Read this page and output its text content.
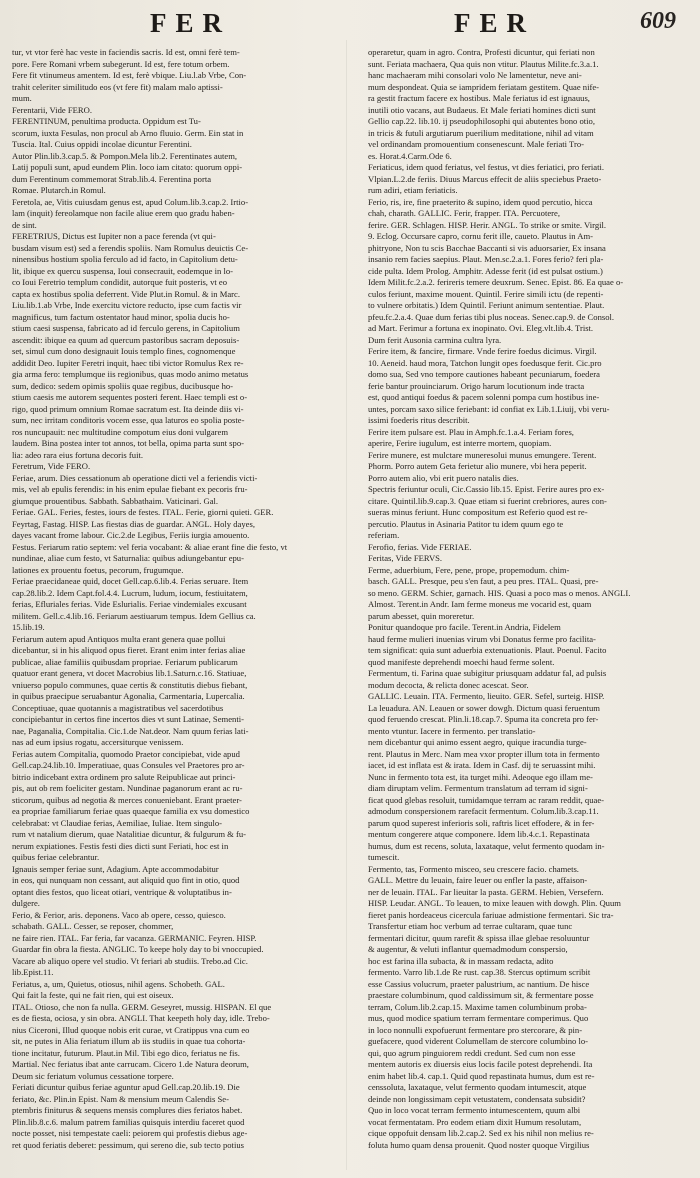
FER	FER	609
tur, vt vtor ferè hac veste in faciendis sacris. Id est, omni ferè tem-
pore. Fere Romani vrbem subegerunt. Id est, fere totum orbem.
Fere fit vtinumeus amentem. Id est, ferè vbique. Liu.l.ab Vrbe, Con-
trahit celeriter similitudo eos (vt fere fit) malam malo aptissi-
mum.
Ferentarii, Vide FERO.
FERENTINUM, penultima producta. Oppidum est Tu-
scorum, iuxta Fesulas, non procul ab Arno fluuio. Germ. Ein stat in
Tuscia. Ital. Cuius oppidi incolae dicuntur Ferentini.
Autor Plin.lib.3.cap.5. & Pompon.Mela lib.2. Ferentinates autem,
Latij populi sunt, apud eundem Plin. loco iam citato: quorum oppi-
dum Ferentinum commemorat Strab.lib.4. Ferentina porta
Romae. Plutarch.in Romul.
Feretola, ae, Vitis cuiusdam genus est, apud Colum.lib.3.cap.2. Irtio-
lam (inquit) fereolamque non facile aliue erem quo gradu haben-
de sint.
FERETRIUS, Dictus est Iupiter non a pace ferenda (vt qui-
busdam visum est) sed a ferendis spoliis. Nam Romulus deuictis Ce-
ninensibus hostium spolia ferculo ad id facto, in Capitolium detu-
lit, ibique ex quercu suspensa, Ioui consecrauit, eodemque in lo-
co Ioui Feretrio templum condidit, autorque fuit posteris, vt eo
capta ex hostibus spolia deferrent. Vide Plut.in Romul. & in Marc.
Liu.lib.1.ab Vrbe, Inde exercitu victore reducto, ipse cum factis vir
magnificus, tum factum ostentator haud minor, spolia ducis ho-
stium caesi suspensa, fabricato ad id ferculo gerens, in Capitolium
ascendit: ibique ea quum ad quercum pastoribus sacram deposuis-
set, simul cum dono designauit Iouis templo fines, cognomenque
addidit Deo. Iupiter Feretri inquit, haec tibi victor Romulus Rex re-
gia arma fero: templumque iis regionibus, quas modo animo metatus
sum, dedico: sedem opimis spoliis quae regibus, ducibusque ho-
stium caesis me autorem sequentes posteri ferent. Haec templi est o-
rigo, quod primum omnium Romae sacratum est. Ita deinde diis vi-
sum, nec irritam conditoris vocem esse, qua laturos eo spolia poste-
ros nuncupauit: nec multitudine compotum eius doni vulgarem
laudem. Bina postea inter tot annos, tot bella, opima parta sunt spo-
lia: adeo rara eius fortuna decoris fuit.
Feretrum, Vide FERO.
Feriae, arum. Dies cessationum ab operatione dicti vel a feriendis victi-
mis, vel ab epulis ferendis: in his enim epulae fiebant ex pecoris fru-
giumque prouentibus. Sabbath. Sabbathaim. Vaticinari. Gal.
Feriae. GAL. Feries, festes, iours de festes. ITAL. Ferie, giorni quieti. GER.
Feyrtag, Fastag. HISP. Las fiestas dias de guardar. ANGL. Holy dayes,
dayes vacant frome labour. Cic.2.de Legibus, Feriis iurgia amouento.
Festus. Feriarum ratio septem: vel feria vocabant: & aliae erant fine die festo, vt
nundinae, aliae cum festo, vt Saturnalia: quibus adiungebantur epu-
lationes ex prouentu foetus, pecorum, frugumque.
Feriae praecidaneae quid, docet Gell.cap.6.lib.4. Ferias seruare. Item
cap.28.lib.2. Idem Capt.fol.4.4. Lucrum, ludum, iocum, festiuitatem,
ferias, Efluriales ferias. Vide Eslurialis. Feriae vindemiales excusant
militem. Gell.c.4.lib.16. Feriarum aestiuarum tempus. Idem Gellius ca.
15.lib.19.
Feriarum autem apud Antiquos multa erant genera quae pollui
dicebantur, si in his aliquod opus fieret. Erant enim inter ferias aliae
publicae, aliae familiis quibusdam propriae. Feriarum publicarum
quatuor erant genera, vt docet Macrobius lib.1.Saturn.c.16. Statiuae,
vniuerso populo communes, quae certis & constitutis diebus fiebant,
in quibus praecipue seruabantur Agonalia, Carmentaria, Lupercalia.
Conceptiuae, quae quotannis a magistratibus vel sacerdotibus
concipiebantur in certos fine incertos dies vt sunt Latinae, Sementi-
nae, Paganalia, Compitalia. Cic.1.de Nat.deor. Nam quum ferias lati-
nas ad eum ipsius rogatu, accersiturque venissem.
Ferias autem Compitalia, quomodo Praetor concipiebat, vide apud
Gell.cap.24.lib.10. Imperatiuae, quas Consules vel Praetores pro ar-
bitrio indicebant extra ordinem pro salute Reipublicae aut princi-
pis, aut ob rem foeliciter gestam. Nundinae paganorum erant ac ru-
sticorum, quibus ad negotia & merces conueniebant. Erant praeter-
ea propriae familiarum feriae quas quaeque familia ex vsu domestico
celebrabat: vt Claudiae ferias, Aemiliae, Iuliae. Item singulo-
rum vt natalium dierum, quae Natalitiae dicuntur, & fulgurum & fu-
nerum expiationes. Festis festi dies dicti sunt Feriati, hoc est in
quibus feriae celebrantur.
Ignauis semper feriae sunt, Adagium. Apte accommodabitur
in eos, qui nunquam non cessant, aut aliquid quo fint in otio, quod
optant dies festos, quo liceat otiari, ventrique & voluptatibus in-
dulgere.
Ferio, & Ferior, aris. deponens. Vaco ab opere, cesso, quiesco.
schabath. GALL. Cesser, se reposer, chommer,
ne faire rien. ITAL. Far feria, far vacanza. GERMANIC. Feyren. HISP.
Guardar fin obra la fiesta. ANGLIC. To keepe holy day to bi vnoccupied.
Vacare ab aliquo opere vel studio. Vt feriari ab studiis. Trebo.ad Cic.
lib.Epist.11.
Feriatus, a, um, Quietus, otiosus, nihil agens. Schobeth. GAL.
Qui fait la feste, qui ne fait rien, qui est oiseux.
ITAL. Otioso, che non fa nulla. GERM. Geseyret, mussig. HISPAN. El que
es de fiesta, ociosa, y sin obra. ANGLI. That keepeth holy day, idle. Trebo-
nius Ciceroni, Illud quoque nobis erit curae, vt Cratippus vna cum eo
sit, ne putes in Alia feriatum illum ab iis studiis in quae tua cohorta-
tione incitatur, futurum. Plaut.in Mil. Tibi ego dico, feriatus ne fis.
Martial. Nec feriatus ibat ante carrucam. Cicero 1.de Natura deorum,
Deum sic feriatum volumus cessatione torpere.
Feriati dicuntur quibus feriae aguntur apud Gell.cap.20.lib.19. Die
feriato, &c. Plin.in Epist. Nam & mensium meum Calendis Se-
ptembris finiturus & sequens mensis complures dies feriatos habet.
Plin.lib.8.c.6. malum patrem familias quisquis interdiu faceret quod
nocte posset, nisi tempestate caeli: peiorem qui profestis diebus age-
ret quod feriatis deberet: pessimum, qui sereno die, sub tecto potius
operaretur, quam in agro. Contra, Profesti dicuntur, qui feriati non
sunt. Feriata machaera, Qua quis non vtitur. Plautus Milite.fc.3.a.1.
hanc machaeram mihi consolari volo Ne lamentetur, neve ani-
mum despondeat. Quia se iampridem feriatam gestitem. Quae nife-
ra gestit fractum facere ex hostibus. Male feriatus id est ignauus,
inutili otio vacans, aut Budaeus. Et Male feriati homines dicti sunt
Gellio cap.22. lib.10. ij pseudophilosophi qui abutentes bono otio,
in tricis & futuli argutiarum puerilium meditatione, nihil ad vitam
vel ordinandam promouentium consenescunt. Male feriati Tro-
es. Horat.4.Carm.Ode 6.
Feriaticus, idem quod feriatus, vel festus, vt dies feriatici, pro feriati.
Vlpian.L.2.de feriis. Diuus Marcus effecit de aliis speciebus Praeto-
rum adiri, etiam feriaticis.
Ferio, ris, ire, fine praeterito & supino, idem quod percutio, hicca
chah, charath. GALLIC. Ferir, frapper. ITA. Percuotere,
ferire. GER. Schlagen. HISP. Herir. ANGL. To strike or smite. Virgil.
9. Eclog. Occursare capro, cornu ferit ille, caueto. Plautus in Am-
phitryone, Non tu scis Bacchae Baccanti si vis aduorsarier, Ex insana
insanio rem facies saepius. Plaut. Men.sc.2.a.1. Fores ferio? feri pla-
cide pulta. Idem Prolog. Amphitr. Adesse ferit (id est pulsat ostium.)
Idem Milit.fc.2.a.2. ferireris temere deuxrum. Senec. Epist. 86. Ea quae o-
culos feriunt, maxime mouent. Quintil. Ferire simili ictu (de repenti-
to vulnere orbitatis.) Idem Quintil. Feriunt animum sententiae. Plaut.
pfeu.fc.2.a.4. Quae dum ferias tibi plus noceas. Senec.cap.9. de Consol.
ad Mart. Ferimur a fortuna ex inopinato. Ovi. Eleg.vlt.lib.4. Trist.
Dum ferit Ausonia carmina cultra lyra.
Ferire item, & fancire, firmare. Vnde ferire foedus dicimus. Virgil.
10. Aeneid. haud mora, Tatchon lungit opes foedusque ferit. Cic.pro
domo sua, Sed vno tempore cautiones habeant pecuniarum, foedera
ferie bantur prouinciarum. Origo harum locutionum inde tracta
est, quod antiqui foedus & pacem solenni pompa cum hostibus ine-
untes, porcam saxo silice feriebant: id confiat ex Lib.1.Liuij, vbi veru-
issimi foederis ritus describit.
Ferire item pulsare est. Plau in Amph.fc.1.a.4. Feriam fores,
aperire, Ferire iugulum, est interre mortem, quopiam.
Ferire munere, est mulctare muneresolui munus emungere. Terent.
Phorm. Porro autem Geta ferietur alio munere, vbi hera peperit.
Porro autem alio, vbi erit puero natalis dies.
Spectris feriuntur oculi, Cic.Cassio lib.15. Epist. Ferire aures pro ex-
citare. Quintil.lib.9.cap.3. Quae etiam si fuerint crebriores, aures con-
sueras minus feriunt. Hunc compositum est Referio quod est re-
percutio. Plautus in Asinaria Patitor tu idem quum ego te
referiam.
Ferofio, ferias. Vide FERIAE.
Feritas, Vide FERVS.
Ferme, aduerbium, Fere, pene, prope, propemodum. chim-
basch. GALL. Presque, peu s'en faut, a peu pres. ITAL. Quasi, pre-
so meno. GERM. Schier, garnach. HIS. Quasi a poco mas o menos. ANGLI.
Almost. Terent.in Andr. Iam ferme moneus me vocarid est, quam
parum abesset, quin moreretur.
Ponitur quandoque pro facile. Terent.in Andria, Fidelem
haud ferme mulieri inuenias virum vbi Donatus ferme pro facilita-
tem significat: quia sunt aduerbia extenuationis. Plaut. Poenul. Facito
quod manifeste deprehendi moechi haud ferme solent.
Fermentum, ti. Farina quae subigitur priusquam addatur fal, ad pulsis
modum decocta, & relicta donec acescat. Seor.
GALLIC. Leuain. ITA. Fermento, lieuito. GER. Sefel, surteig. HISP.
La leuadura. AN. Leauen or sower dowgh. Dictum quasi feruentum
quod feruendo crescat. Plin.li.18.cap.7. Spuma ita concreta pro fer-
mento vtuntur. Iacere in fermento. per translatio-
nem dicebantur qui animo essent aegro, quique iracundia turge-
rent. Plautus in Merc. Nam mea vxor propter illum tota in fermento
iacet, id est inflata est & irata. Idem in Casf. dij te seruassint mihi.
Nunc in fermento tota est, ita turget mihi. Adeoque ego illam me-
diam diruptam velim. Fermentum translatum ad terram id signi-
ficat quod glebas resoluit, tumidamque terram ac raram reddit, quae-
admodum conspersionem rarefacit fermentum. Colum.lib.3.cap.11.
parum quod superest inferioris soli, raftris licet effodere, & in fer-
mentum congerere atque componere. Idem lib.4.c.1. Repastinata
humus, dum est recens, soluta, laxataque, velut fermento quodam in-
tumescit.
Fermento, tas, Formento misceo, seu crescere facio. chamets.
GALL. Mettre du leuain, faire leuer ou enfler la paste, affaison-
ner de leuain. ITAL. Far lieuitar la pasta. GERM. Hebien, Versefern.
HISP. Leudar. ANGL. To leauen, to mixe leauen with dowgh. Plin. Quum
fieret panis hordeaceus cicercula fariuae admistione fermentari. Sic tra-
Transfertur etiam hoc verbum ad terrae cultaram, quae tunc
fermentari dicitur, quum rarefit & spissa illae glebae resoluuntur
& augentur, & veluti inflantur quemadmodum conspersio,
hoc est farina illa subacta, & in massam redacta, adito
fermento. Varro lib.1.de Re rust. cap.38. Stercus optimum scribit
esse Cassius volucrum, praeter palustrium, ac nantium. De hisce
praestare columbinum, quod caldissimum sit, & fermentare posse
terram, Colum.lib.2.cap.15. Maxime tamen columbinum proba-
mus, quod modice spatium terram fermentare comperimus. Quo
in loco nonnulli expofuerunt fermentare pro stercorare, & pin-
guefacere, quod viderent Columellam de stercore columbino lo-
qui, quo agrum pinguiorem reddi credunt. Sed cum non esse
mentem autoris ex diuersis eius locis facile potest deprehendi. Ita
enim habet lib.4. cap.1. Quid quod repastinata humus, dum est re-
censsoluta, laxataque, velut fermento quodam intumescit, atque
deinde non longissimam cepit vetustatem, condensata subsidit?
Quo in loco vocat terram fermento intumescentem, quum albi
vocat fermentatam. Pro eodem etiam dixit Humum resolutam,
cique oppofuit densam lib.2.cap.2. Sed ex his nihil non melius re-
foluta humo quam densa prouenit. Quod noster quoque Virgilius
